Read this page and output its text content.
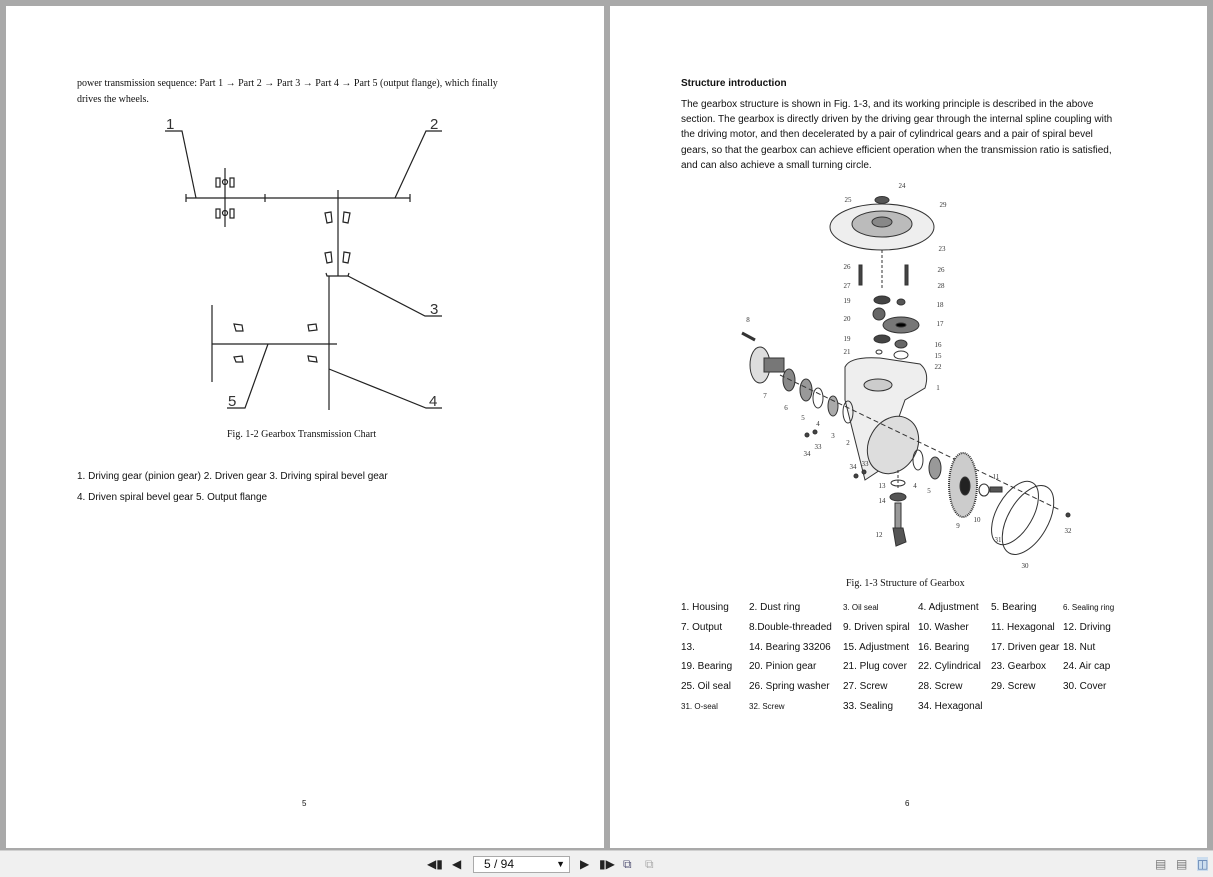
power transmission sequence: Part 1 → Part 2 → Part 3 → Part 4 → Part 5 (output flange), which finally
drives the wheels.
1	2
3
4
5
Fig. 1-2 Gearbox Transmission Chart
1. Driving gear (pinion gear) 2. Driven gear 3. Driving spiral bevel gear
4. Driven spiral bevel gear 5. Output flange
5
Structure introduction
The gearbox structure is shown in Fig. 1-3, and its working principle is described in the above
section. The gearbox is directly driven by the driving gear through the internal spline coupling with
the driving motor, and then decelerated by a pair of cylindrical gears and a pair of spiral bevel
gears, so that the gearbox can achieve efficient operation when the transmission ratio is satisfied,
and can also achieve a small turning circle.
25
24
29
23
26	26
27	28
19	18
20
17
19
16
21	15
22
1
8
7
6
5
4
3
2
34
33
34 33
13	4
5
14
9
10
11
12
31
30
32
Fig. 1-3 Structure of Gearbox
1. Housing 2. Dust ring	3. Oil seal	4. Adjustment 5. Bearing	6. Sealing ring
7. Output	8.Double-threaded 9. Driven spiral 10. Washer 11. Hexagonal 12. Driving
13.	14. Bearing 33206 15. Adjustment 16. Bearing 17. Driven gear 18. Nut
19. Bearing 20. Pinion gear	21. Plug cover 22. Cylindrical 23. Gearbox 24. Air cap
25. Oil seal 26. Spring washer 27. Screw	28. Screw	29. Screw	30. Cover
31. O-seal	32. Screw	33. Sealing 34. Hexagonal
6
◀▮ ◀	5 / 94	▼ ▶ ▮▶ ⧉ ⧉	▤ ▤ ◫
